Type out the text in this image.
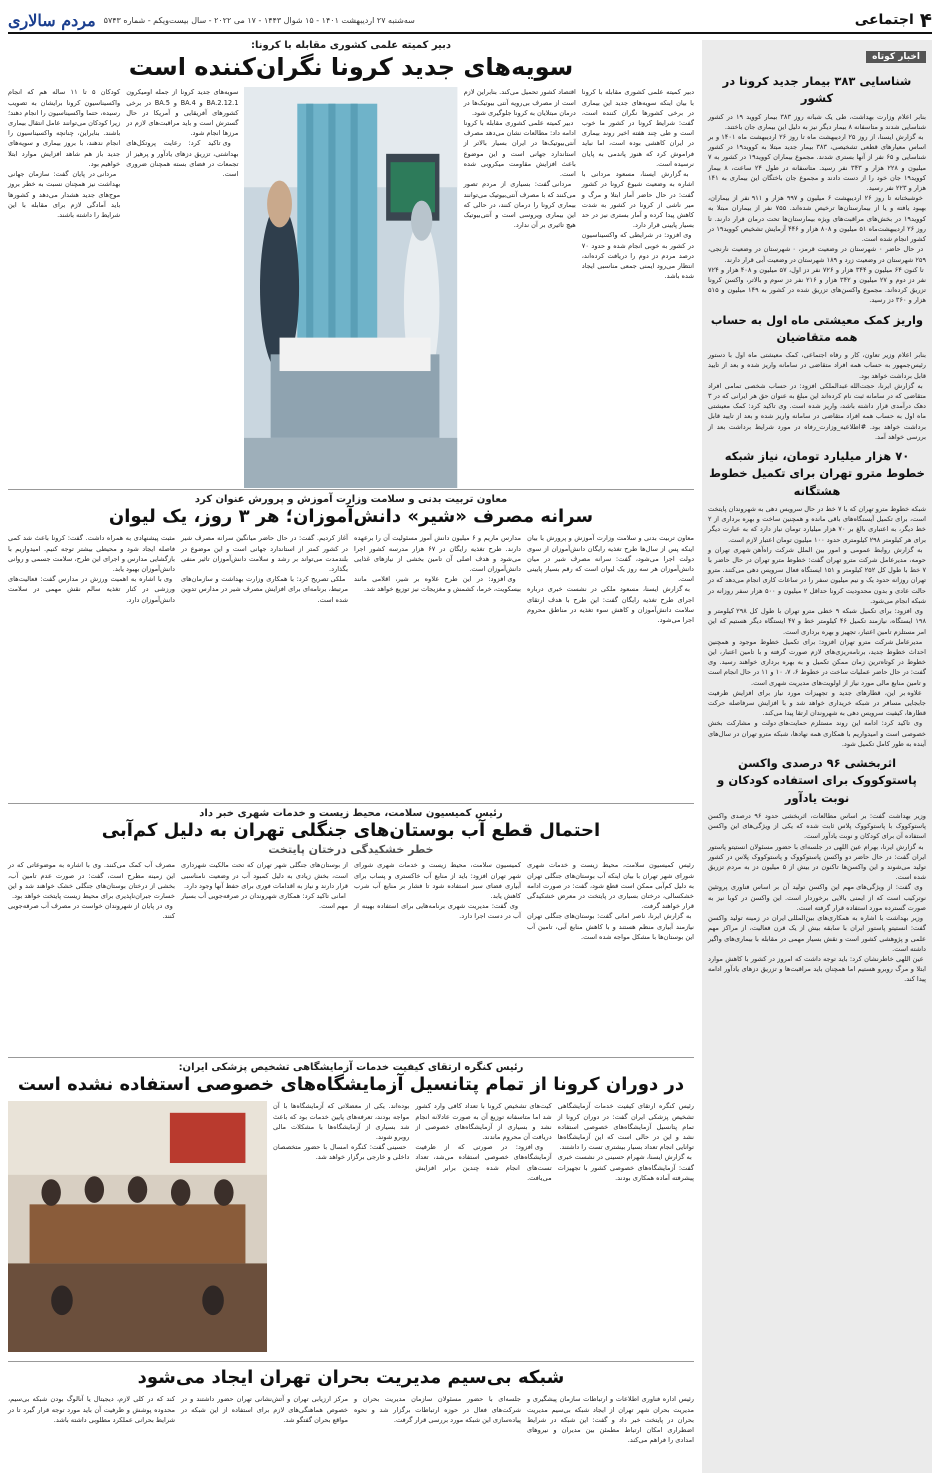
۴
اجتماعی
سه‌شنبه ۲۷ اردیبهشت ۱۴۰۱ - ۱۵ شوال ۱۴۴۳ - ۱۷ می ۲۰۲۲ - سال بیست‌ویکم - شماره ۵۷۴۳
مردم سالاری
اخبار کوتاه
شناسایی ۳۸۳ بیمار جدید کرونا در کشور
بنابر اعلام وزارت بهداشت، طی یک شبانه روز ۳۸۳ بیمار کووید ۱۹ در کشور شناسایی شدند و متاسفانه ۸ بیمار دیگر نیز به دلیل این بیماری جان باختند.
به گزارش ایسنا، از روز ۲۵ اردیبهشت ماه تا روز ۲۶ اردیبهشت ماه ۱۴۰۱ و بر اساس معیارهای قطعی تشخیصی، ۳۸۳ بیمار جدید مبتلا به کووید۱۹ در کشور شناسایی و ۶۵ نفر از آنها بستری شدند. مجموع بیماران کووید۱۹ در کشور به ۷ میلیون و ۲۲۸ هزار و ۳۴۳ نفر رسید. متاسفانه در طول ۲۴ ساعت، ۸ بیمار کووید۱۹ جان خود را از دست دادند و مجموع جان باختگان این بیماری به ۱۴۱ هزار و ۲۲۳ نفر رسید.
خوشبختانه تا روز ۲۶ اردیبهشت ۶ میلیون و ۹۹۷ هزار و ۹۱۱ نفر از بیماران، بهبود یافته و یا از بیمارستان‌ها ترخیص شده‌اند. ۷۵۵ نفر از بیماران مبتلا به کووید۱۹ در بخش‌های مراقبت‌های ویژه بیمارستان‌ها تحت درمان قرار دارند. تا روز ۲۶ اردیبهشت‌ماه ۵۱ میلیون و ۸۰۸ هزار و ۴۴۶ آزمایش تشخیص کووید۱۹ در کشور انجام شده است.
در حال حاضر ۰ شهرستان در وضعیت قرمز، ۰ شهرستان در وضعیت نارنجی، ۲۵۹ شهرستان در وضعیت زرد و ۱۸۹ شهرستان در وضعیت آبی قرار دارند.
تا کنون ۶۴ میلیون و ۳۴۴ هزار و ۷۲۶ نفر دز اول، ۵۷ میلیون و ۴۰۸ هزار و ۷۲۴ نفر دز دوم و ۲۷ میلیون و ۳۴۲ هزار و ۲۱۶ نفر دز سوم و بالاتر، واکسن کرونا تزریق کرده‌اند. مجموع واکسن‌های تزریق شده در کشور به ۱۴۹ میلیون و ۵۱۵ هزار و ۳۶۰ دز رسید.
واریز کمک معیشتی ماه اول به حساب همه متقاضیان
بنابر اعلام وزیر تعاون، کار و رفاه اجتماعی، کمک معیشتی ماه اول با دستور رئیس‌جمهور به حساب همه افراد متقاضی در سامانه واریز شده و بعد از تایید قابل برداشت خواهد بود.
به گزارش ایرنا، حجت‌الله عبدالملکی افزود: در حساب شخصی تمامی افراد متقاضی که در سامانه ثبت نام کرده‌اند این مبلغ به عنوان حق هر ایرانی که در ۳ دهک درآمدی قرار داشته باشد، واریز شده است. وی تاکید کرد: کمک معیشتی ماه اول به حساب همه افراد متقاضی در سامانه واریز شده و بعد از تایید قابل برداشت خواهد بود. #اطلاعیه_وزارت_رفاه در مورد شرایط برداشت بعد از بررسی خواهد آمد.
۷۰ هزار میلیارد تومان، نیاز شبکه خطوط مترو تهران برای تکمیل خطوط هشتگانه
شبکه خطوط مترو تهران که با ۷ خط در حال سرویس دهی به شهروندان پایتخت است، برای تکمیل آیستگاه‌های باقی مانده و همچنین ساخت و بهره برداری از ۲ خط دیگر، به اعتباری بالغ بر ۷۰ هزار میلیارد تومان نیاز دارد که به عبارت دیگر برای هر کیلومتر ۲۹۸ کیلومتری حدود ۱۰۰ میلیون تومان اعتبار لازم است.
به گزارش روابط عمومی و امور بین الملل شرکت راه‌آهن شهری تهران و حومه، مدیرعامل شرکت مترو تهران گفت: خطوط مترو تهران در حال حاضر با ۷ خط با طول کل ۲۵۲ کیلومتر و ۱۵۱ ایستگاه فعال سرویس دهی می‌کنند. مترو تهران روزانه حدود یک و نیم میلیون سفر را در ساعات کاری انجام می‌دهد که در حالت عادی و بدون محدودیت کرونا حداقل ۲ میلیون و ۵۰۰ هزار سفر روزانه در شبکه انجام می‌شود.
وی افزود: برای تکمیل شبکه ۹ خطی مترو تهران با طول کل ۲۹۸ کیلومتر و ۱۹۸ ایستگاه، نیازمند تکمیل ۴۶ کیلومتر خط و ۴۷ ایستگاه دیگر هستیم که این امر مستلزم تامین اعتبار، تجهیز و بهره برداری است.
مدیرعامل شرکت مترو تهران افزود: برای تکمیل خطوط موجود و همچنین احداث خطوط جدید، برنامه‌ریزی‌های لازم صورت گرفته و با تامین اعتبار، این خطوط در کوتاه‌ترین زمان ممکن تکمیل و به بهره برداری خواهند رسید. وی گفت: در حال حاضر عملیات ساخت در خطوط ۶، ۷، ۱۰ و ۱۱ در حال انجام است و تامین منابع مالی مورد نیاز از اولویت‌های مدیریت شهری است.
علاوه بر این، قطارهای جدید و تجهیزات مورد نیاز برای افزایش ظرفیت جابجایی مسافر در شبکه خریداری خواهد شد و با افزایش سرفاصله حرکت قطارها، کیفیت سرویس دهی به شهروندان ارتقا پیدا می‌کند.
وی تاکید کرد: ادامه این روند مستلزم حمایت‌های دولت و مشارکت بخش خصوصی است و امیدواریم با همکاری همه نهادها، شبکه مترو تهران در سال‌های آینده به طور کامل تکمیل شود.
اثربخشی ۹۶ درصدی واکسن پاستوکووک برای استفاده کودکان و نوبت یادآور
وزیر بهداشت گفت: بر اساس مطالعات، اثربخشی حدود ۹۶ درصدی واکسن پاستوکووک با پاستوکووک پلاس ثابت شده که یکی از ویژگی‌های این واکسن استفاده آن برای کودکان و نوبت یادآور است.
به گزارش ایرنا، بهرام عین اللهی در جلسه‌ای با حضور مسئولان انستیتو پاستور ایران گفت: در حال حاضر دو واکسن پاستوکووک و پاستوکووک پلاس در کشور تولید می‌شوند و این واکسن‌ها تاکنون در بیش از ۵ میلیون دز به مردم تزریق شده است.
وی گفت: از ویژگی‌های مهم این واکسن تولید آن بر اساس فناوری پروتئین نوترکیب است که از ایمنی بالایی برخوردار است. این واکسن در کوبا نیز به صورت گسترده مورد استفاده قرار گرفته است.
وزیر بهداشت با اشاره به همکاری‌های بین‌المللی ایران در زمینه تولید واکسن گفت: انستیتو پاستور ایران با سابقه بیش از یک قرن فعالیت، از مراکز مهم علمی و پژوهشی کشور است و نقش بسیار مهمی در مقابله با بیماری‌های واگیر داشته است.
عین اللهی خاطرنشان کرد: باید توجه داشت که امروز در کشور با کاهش موارد ابتلا و مرگ روبرو هستیم اما همچنان باید مراقبت‌ها و تزریق دزهای یادآور ادامه پیدا کند.
دبیر کمیته علمی کشوری مقابله با کرونا:
سویه‌های جدید کرونا نگران‌کننده است
دبیر کمیته علمی کشوری مقابله با کرونا با بیان اینکه سویه‌های جدید این بیماری در برخی کشورها نگران کننده است، گفت: شرایط کرونا در کشور ما خوب است و طی چند هفته اخیر روند بیماری در ایران کاهشی بوده است، اما نباید فراموش کرد که هنوز پاندمی به پایان نرسیده است.
به گزارش ایسنا، مسعود مردانی با اشاره به وضعیت شیوع کرونا در کشور گفت: در حال حاضر آمار ابتلا و مرگ و میر ناشی از کرونا در کشور به شدت کاهش پیدا کرده و آمار بستری نیز در حد بسیار پایینی قرار دارد.
وی افزود: در شرایطی که واکسیناسیون در کشور به خوبی انجام شده و حدود ۷۰ درصد مردم دز دوم را دریافت کرده‌اند، انتظار می‌رود ایمنی جمعی مناسبی ایجاد شده باشد.
اقتصاد کشور تحمیل می‌کند. بنابراین لازم است از مصرف بی‌رویه آنتی بیوتیک‌ها در درمان مبتلایان به کرونا جلوگیری شود.
دبیر کمیته علمی کشوری مقابله با کرونا ادامه داد: مطالعات نشان می‌دهد مصرف آنتی‌بیوتیک‌ها در ایران بسیار بالاتر از استاندارد جهانی است و این موضوع باعث افزایش مقاومت میکروبی شده است.
مردانی گفت: بسیاری از مردم تصور می‌کنند که با مصرف آنتی‌بیوتیک می‌توانند بیماری کرونا را درمان کنند، در حالی که این بیماری ویروسی است و آنتی‌بیوتیک هیچ تاثیری بر آن ندارد.
سویه‌های جدید کرونا از جمله اومیکرون BA.2.12.1 و BA.4 و BA.5 در برخی کشورهای آفریقایی و آمریکا در حال گسترش است و باید مراقبت‌های لازم در مرزها انجام شود.
وی تاکید کرد: رعایت پروتکل‌های بهداشتی، تزریق دزهای یادآور و پرهیز از تجمعات در فضای بسته همچنان ضروری است.
کودکان ۵ تا ۱۱ ساله هم که انجام واکسیناسیون کرونا برایشان به تصویب رسیده، حتما واکسیناسیون را انجام دهند؛ زیرا کودکان می‌توانند عامل انتقال بیماری باشند. بنابراین، چنانچه واکسیناسیون را انجام ندهند، با بروز بیماری و سویه‌های جدید باز هم شاهد افزایش موارد ابتلا خواهیم بود.
مردانی در پایان گفت: سازمان جهانی بهداشت نیز همچنان نسبت به خطر بروز موج‌های جدید هشدار می‌دهد و کشورها باید آمادگی لازم برای مقابله با این شرایط را داشته باشند.
معاون تربیت بدنی و سلامت وزارت آموزش و پرورش عنوان کرد
سرانه مصرف «شیر» دانش‌آموزان؛ هر ۳ روز، یک لیوان
معاون تربیت بدنی و سلامت وزارت آموزش و پرورش با بیان اینکه پس از سال‌ها طرح تغذیه رایگان دانش‌آموزان از سوی دولت اجرا می‌شود، گفت: سرانه مصرف شیر در میان دانش‌آموزان هر سه روز یک لیوان است که رقم بسیار پایینی است.
به گزارش ایسنا، مسعود ملکی در نشست خبری درباره اجرای طرح تغذیه رایگان گفت: این طرح با هدف ارتقای سلامت دانش‌آموزان و کاهش سوء تغذیه در مناطق محروم اجرا می‌شود.
مدارس ماریم و ۶ میلیون دانش آموز مسئولیت آن را برعهده دارند. طرح تغذیه رایگان در ۶۷ هزار مدرسه کشور اجرا می‌شود و هدف اصلی آن تامین بخشی از نیازهای غذایی دانش‌آموزان است.
وی افزود: در این طرح علاوه بر شیر، اقلامی مانند بیسکویت، خرما، کشمش و مغزیجات نیز توزیع خواهد شد.
آغاز کردیم. گفت: در حال حاضر میانگین سرانه مصرف شیر در کشور کمتر از استاندارد جهانی است و این موضوع در بلندمدت می‌تواند بر رشد و سلامت دانش‌آموزان تاثیر منفی بگذارد.
ملکی تصریح کرد: با همکاری وزارت بهداشت و سازمان‌های مرتبط، برنامه‌ای برای افزایش مصرف شیر در مدارس تدوین شده است.
مثبت پیشنهادی به همراه داشت. گفت: کرونا باعث شد کمی فاصله ایجاد شود و محیطی بیشتر توجه کنیم. امیدواریم با بازگشایی مدارس و اجرای این طرح، سلامت جسمی و روانی دانش‌آموزان بهبود یابد.
وی با اشاره به اهمیت ورزش در مدارس گفت: فعالیت‌های ورزشی در کنار تغذیه سالم نقش مهمی در سلامت دانش‌آموزان دارد.
رئیس کمیسیون سلامت، محیط زیست و خدمات شهری خبر داد
احتمال قطع آب بوستان‌های جنگلی تهران به دلیل کم‌آبی
خطر خشکیدگی درختان پایتخت
رئیس کمیسیون سلامت، محیط زیست و خدمات شهری شورای شهر تهران با بیان اینکه آب بوستان‌های جنگلی تهران به دلیل کم‌آبی ممکن است قطع شود، گفت: در صورت ادامه خشکسالی، درختان بسیاری در پایتخت در معرض خشکیدگی قرار خواهند گرفت.
به گزارش ایرنا، ناصر امانی گفت: بوستان‌های جنگلی تهران نیازمند آبیاری منظم هستند و با کاهش منابع آبی، تامین آب این بوستان‌ها با مشکل مواجه شده است.
کمیسیون سلامت، محیط زیست و خدمات شهری شورای شهر تهران افزود: باید از منابع آب خاکستری و پساب برای آبیاری فضای سبز استفاده شود تا فشار بر منابع آب شرب کاهش یابد.
وی گفت: مدیریت شهری برنامه‌هایی برای استفاده بهینه از آب در دست اجرا دارد.
از بوستان‌های جنگلی شهر تهران که تحت مالکیت شهرداری است، بخش زیادی به دلیل کمبود آب در وضعیت نامناسبی قرار دارند و نیاز به اقدامات فوری برای حفظ آنها وجود دارد.
امانی تاکید کرد: همکاری شهروندان در صرفه‌جویی آب بسیار مهم است.
مصرف آب کمک می‌کنند. وی با اشاره به موضوعاتی که در این زمینه مطرح است، گفت: در صورت عدم تامین آب، بخشی از درختان بوستان‌های جنگلی خشک خواهند شد و این خسارت جبران‌ناپذیری برای محیط زیست پایتخت خواهد بود.
وی در پایان از شهروندان خواست در مصرف آب صرفه‌جویی کنند.
رئیس کنگره ارتقای کیفیت خدمات آزمایشگاهی تشخیص پزشکی ایران:
در دوران کرونا از تمام پتانسیل آزمایشگاه‌های خصوصی استفاده نشده است
رئیس کنگره ارتقای کیفیت خدمات آزمایشگاهی تشخیص پزشکی ایران گفت: در دوران کرونا از تمام پتانسیل آزمایشگاه‌های خصوصی استفاده نشد و این در حالی است که این آزمایشگاه‌ها توانایی انجام تعداد بسیار بیشتری تست را داشتند.
به گزارش ایسنا، شهرام حسینی در نشست خبری گفت: آزمایشگاه‌های خصوصی کشور با تجهیزات پیشرفته آماده همکاری بودند.
کیت‌های تشخیص کرونا با تعداد کافی وارد کشور شد اما متاسفانه توزیع آن به صورت عادلانه انجام نشد و بسیاری از آزمایشگاه‌های خصوصی از دریافت آن محروم ماندند.
وی افزود: در صورتی که از ظرفیت آزمایشگاه‌های خصوصی استفاده می‌شد، تعداد تست‌های انجام شده چندین برابر افزایش می‌یافت.
بوده‌اند. یکی از معضلاتی که آزمایشگاه‌ها با آن مواجه بودند، تعرفه‌های پایین خدمات بود که باعث شد بسیاری از آزمایشگاه‌ها با مشکلات مالی روبرو شوند.
حسینی گفت: کنگره امسال با حضور متخصصان داخلی و خارجی برگزار خواهد شد.
شبکه بی‌سیم مدیریت بحران تهران ایجاد می‌شود
رئیس اداره فناوری اطلاعات و ارتباطات سازمان پیشگیری و مدیریت بحران شهر تهران از ایجاد شبکه بی‌سیم مدیریت بحران در پایتخت خبر داد و گفت: این شبکه در شرایط اضطراری امکان ارتباط مطمئن بین مدیران و نیروهای امدادی را فراهم می‌کند.
جلسه‌ای با حضور مسئولان سازمان مدیریت بحران و شرکت‌های فعال در حوزه ارتباطات برگزار شد و نحوه پیاده‌سازی این شبکه مورد بررسی قرار گرفت.
مرکز ارزیابی تهران و آتش‌نشانی تهران حضور داشتند و در خصوص هماهنگی‌های لازم برای استفاده از این شبکه در مواقع بحران گفتگو شد.
کند که در کلی لازم، دیجیتال یا آنالوگ بودن شبکه بی‌سیم، محدوده پوشش و ظرفیت آن باید مورد توجه قرار گیرد تا در شرایط بحرانی عملکرد مطلوبی داشته باشد.
